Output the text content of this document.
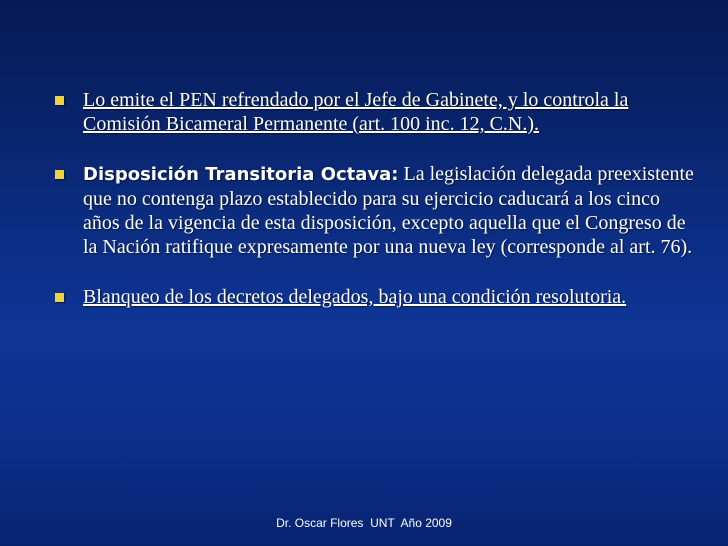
Lo emite el PEN refrendado por el Jefe de Gabinete, y lo controla la Comisión Bicameral Permanente (art. 100 inc. 12, C.N.).
Disposición Transitoria Octava: La legislación delegada preexistente que no contenga plazo establecido para su ejercicio caducará a los cinco años de la vigencia de esta disposición, excepto aquella que el Congreso de la Nación ratifique expresamente por una nueva ley (corresponde al art. 76).
Blanqueo de los decretos delegados, bajo una condición resolutoria.
Dr. Oscar Flores  UNT  Año 2009
